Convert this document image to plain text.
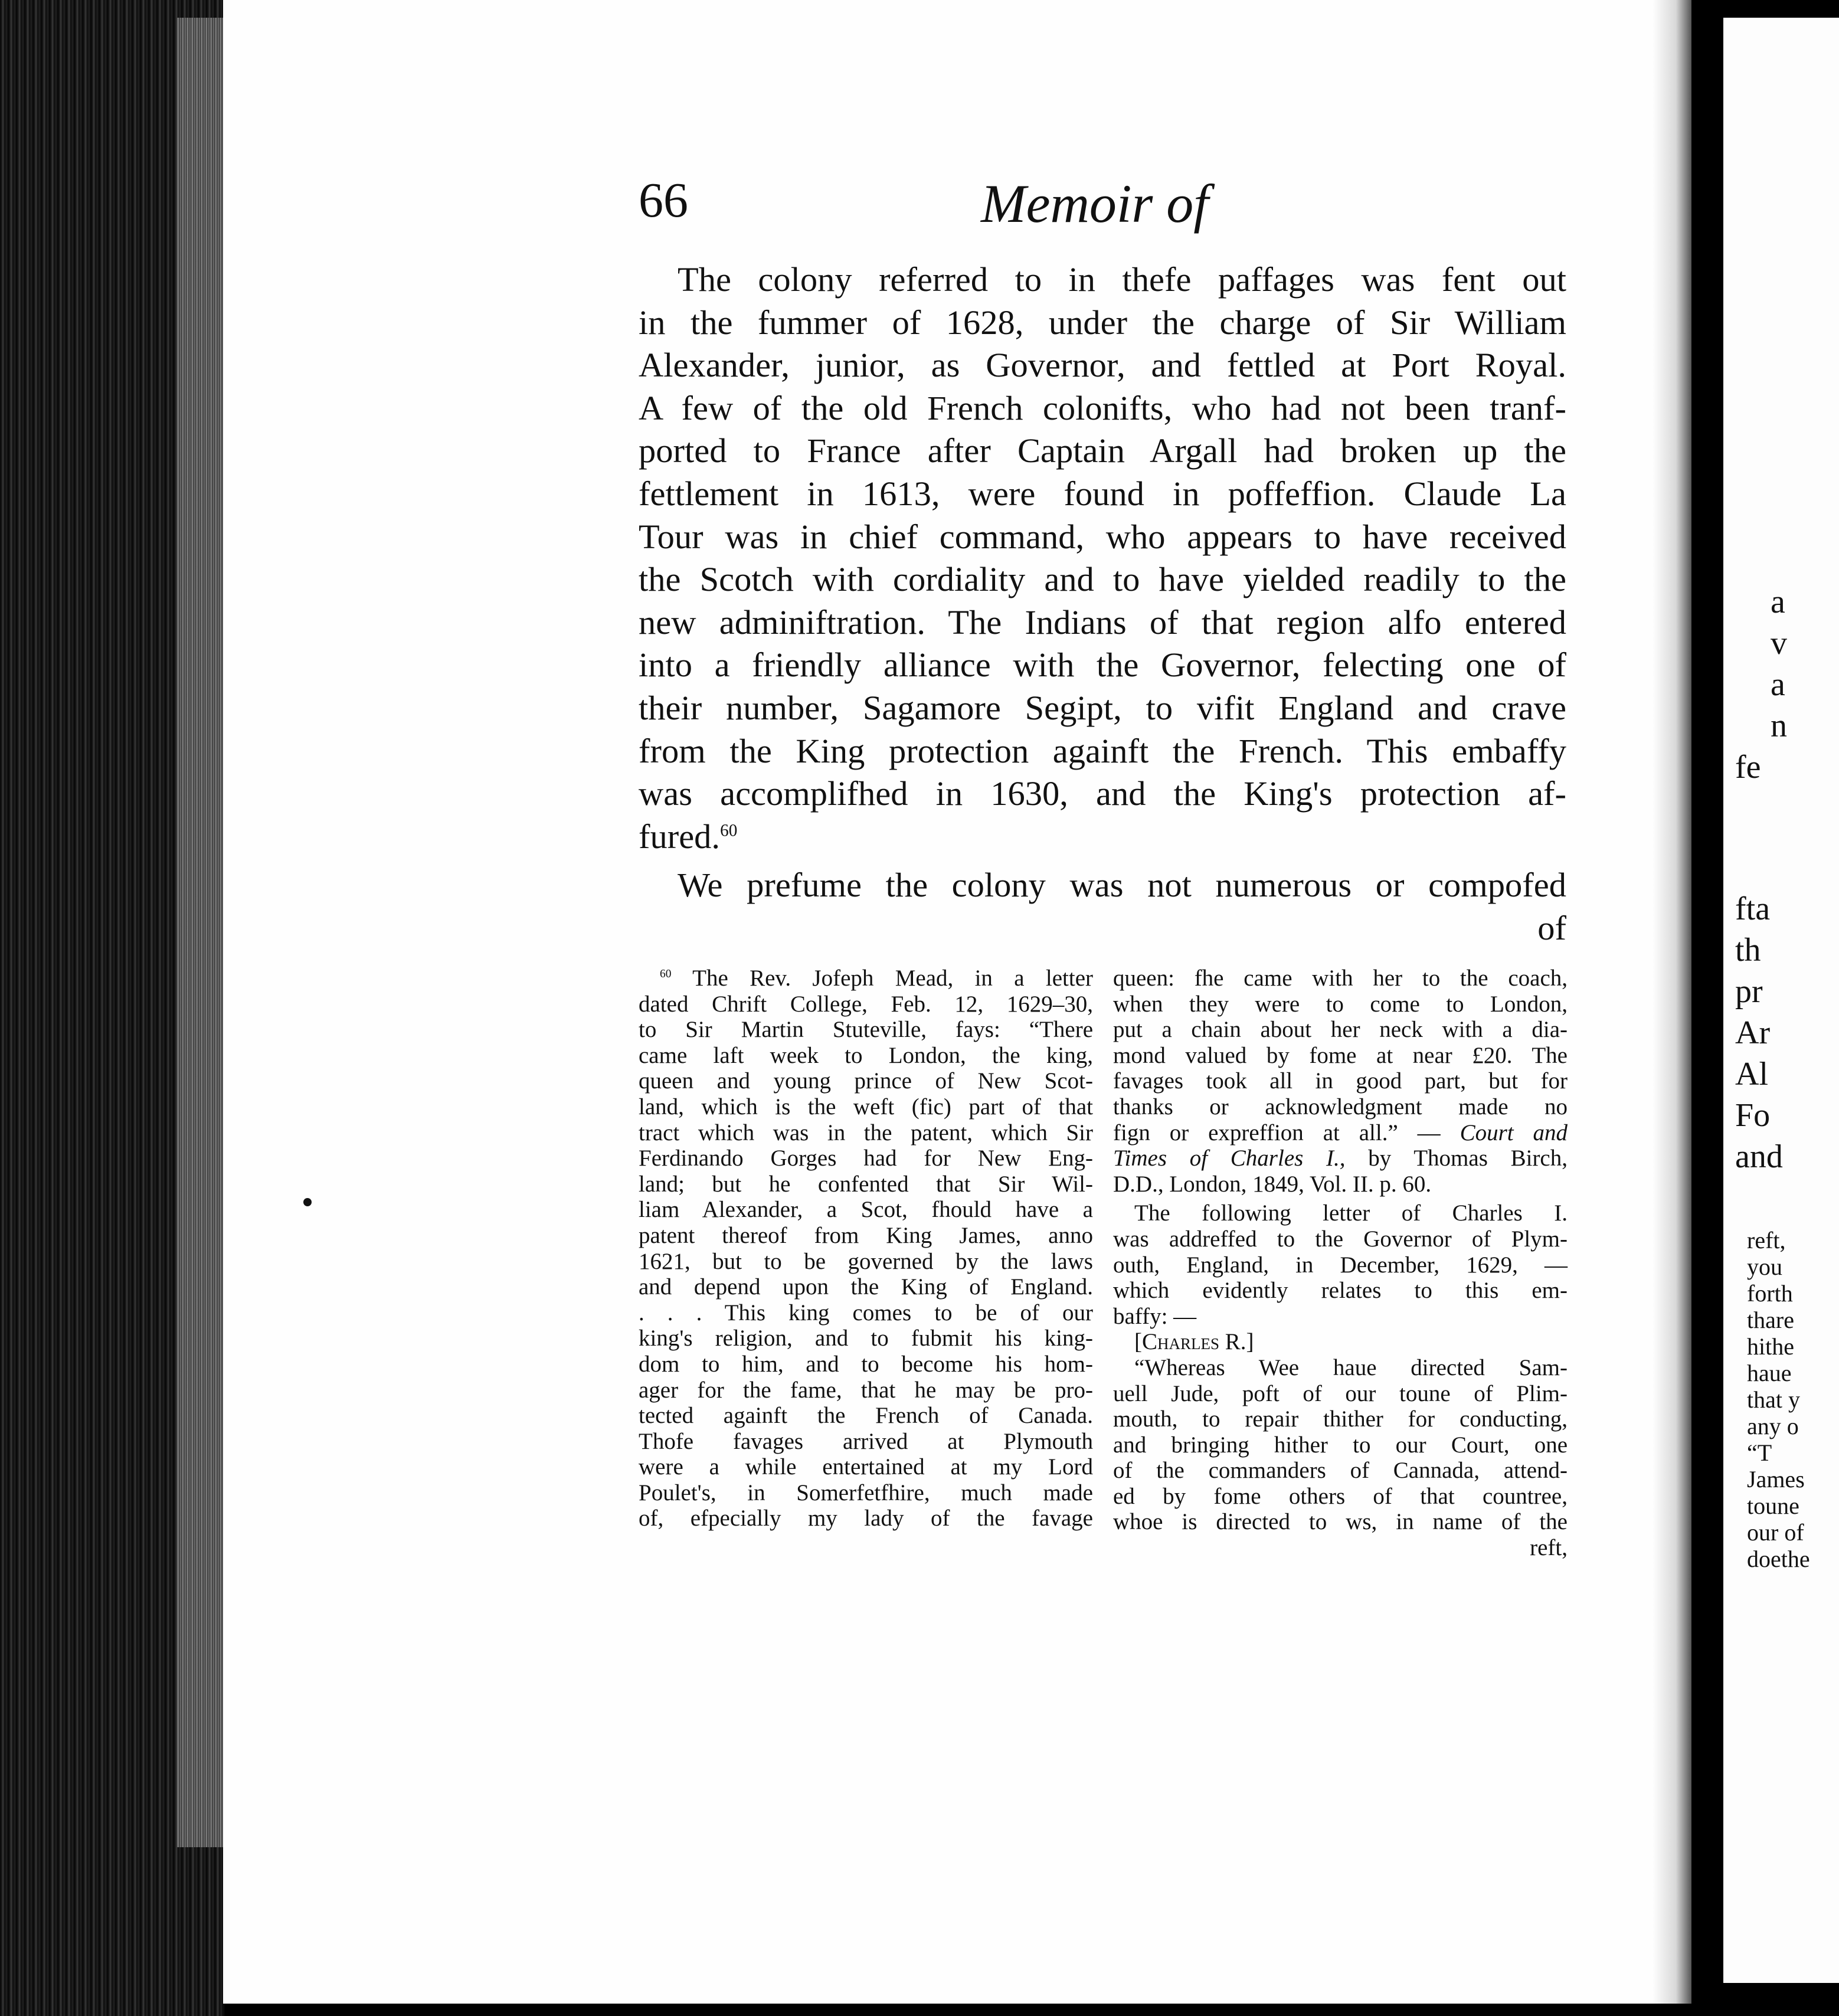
a
v
a
n
fe
fta
th
pr
Ar
Al
Fo
and
reft,
you
forth
thare
hithe
haue
that y
any o
“T
James
toune
our of
doethe
66	Memoir of
The colony referred to in thefe paffages was fent out
in the fummer of 1628, under the charge of Sir William
Alexander, junior, as Governor, and fettled at Port Royal.
A few of the old French colonifts, who had not been tranf-
ported to France after Captain Argall had broken up the
fettlement in 1613, were found in poffeffion. Claude La
Tour was in chief command, who appears to have received
the Scotch with cordiality and to have yielded readily to the
new adminiftration. The Indians of that region alfo entered
into a friendly alliance with the Governor, felecting one of
their number, Sagamore Segipt, to vifit England and crave
from the King protection againft the French. This embaffy
was accomplifhed in 1630, and the King's protection af-
fured.$^{60}$
We prefume the colony was not numerous or compofed
of
$^{60}$ The Rev. Jofeph Mead, in a letter
dated Chrift College, Feb. 12, 1629–30,
to Sir Martin Stuteville, fays: “There
came laft week to London, the king,
queen and young prince of New Scot-
land, which is the weft (fic) part of that
tract which was in the patent, which Sir
Ferdinando Gorges had for New Eng-
land; but he confented that Sir Wil-
liam Alexander, a Scot, fhould have a
patent thereof from King James, anno
1621, but to be governed by the laws
and depend upon the King of England.
. . . This king comes to be of our
king's religion, and to fubmit his king-
dom to him, and to become his hom-
ager for the fame, that he may be pro-
tected againft the French of Canada.
Thofe favages arrived at Plymouth
were a while entertained at my Lord
Poulet's, in Somerfetfhire, much made
of, efpecially my lady of the favage
queen: fhe came with her to the coach,
when they were to come to London,
put a chain about her neck with a dia-
mond valued by fome at near £20. The
favages took all in good part, but for
thanks or acknowledgment made no
fign or expreffion at all.” — Court and
Times of Charles I., by Thomas Birch,
D.D., London, 1849, Vol. II. p. 60.
The following letter of Charles I.
was addreffed to the Governor of Plym-
outh, England, in December, 1629, —
which evidently relates to this em-
baffy: —
[Charles R.]
“Whereas Wee haue directed Sam-
uell Jude, poft of our toune of Plim-
mouth, to repair thither for conducting,
and bringing hither to our Court, one
of the commanders of Cannada, attend-
ed by fome others of that countree,
whoe is directed to ws, in name of the
reft,
